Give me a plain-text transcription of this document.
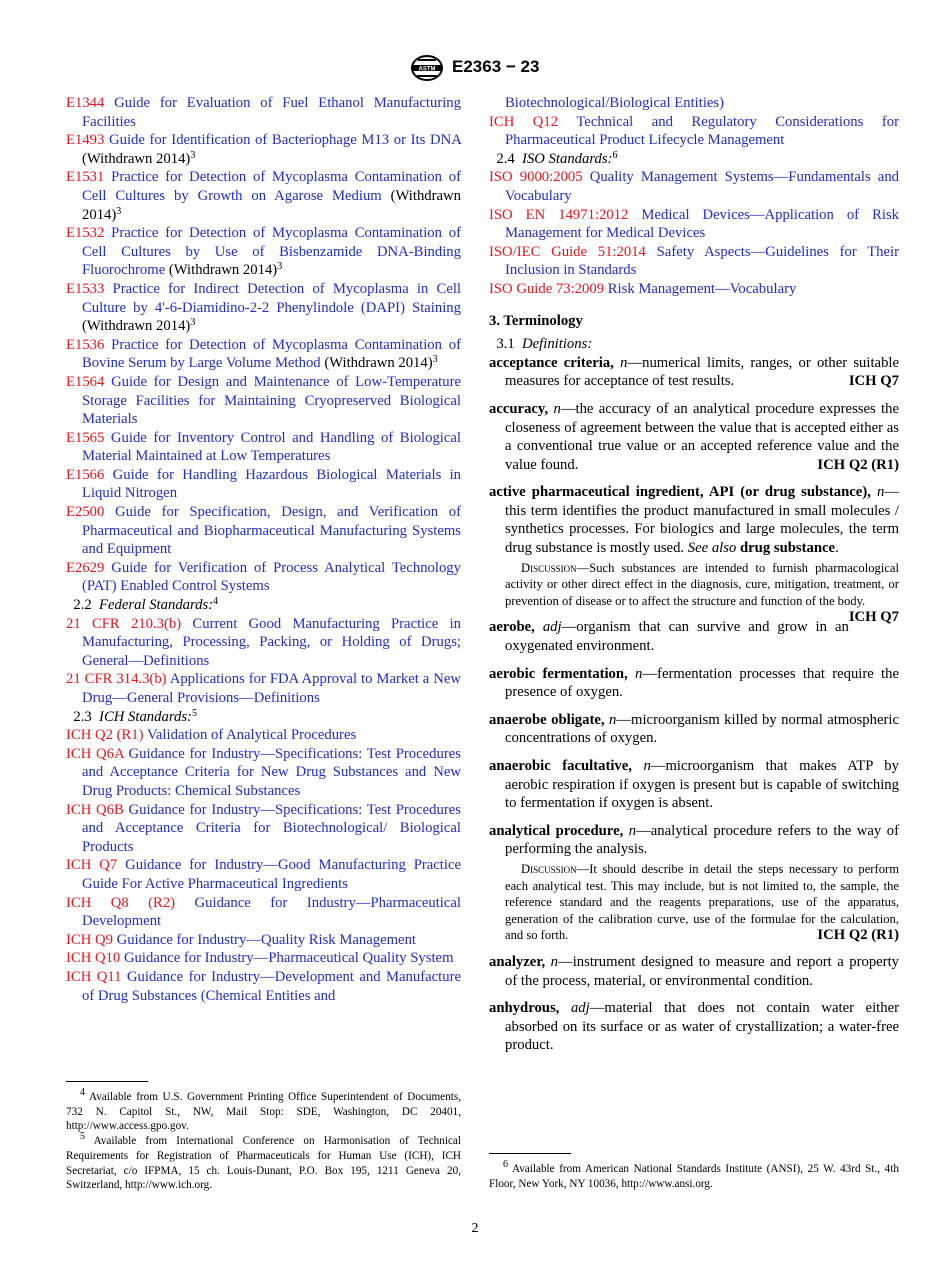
ASTM E2363 − 23

E1344 Guide for Evaluation of Fuel Ethanol Manufacturing Facilities

E1493 Guide for Identification of Bacteriophage M13 or Its DNA (Withdrawn 2014)$^3$

E1531 Practice for Detection of Mycoplasma Contamination of Cell Cultures by Growth on Agarose Medium (Withdrawn 2014)$^3$

E1532 Practice for Detection of Mycoplasma Contamination of Cell Cultures by Use of Bisbenzamide DNA-Binding Fluorochrome (Withdrawn 2014)$^3$

E1533 Practice for Indirect Detection of Mycoplasma in Cell Culture by 4'-6-Diamidino-2-2 Phenylindole (DAPI) Staining (Withdrawn 2014)$^3$

E1536 Practice for Detection of Mycoplasma Contamination of Bovine Serum by Large Volume Method (Withdrawn 2014)$^3$

E1564 Guide for Design and Maintenance of Low-Temperature Storage Facilities for Maintaining Cryopreserved Biological Materials

E1565 Guide for Inventory Control and Handling of Biological Material Maintained at Low Temperatures

E1566 Guide for Handling Hazardous Biological Materials in Liquid Nitrogen

E2500 Guide for Specification, Design, and Verification of Pharmaceutical and Biopharmaceutical Manufacturing Systems and Equipment

E2629 Guide for Verification of Process Analytical Technology (PAT) Enabled Control Systems

2.2 Federal Standards:$^4$

21 CFR 210.3(b) Current Good Manufacturing Practice in Manufacturing, Processing, Packing, or Holding of Drugs; General—Definitions

21 CFR 314.3(b) Applications for FDA Approval to Market a New Drug—General Provisions—Definitions

2.3 ICH Standards:$^5$

ICH Q2 (R1) Validation of Analytical Procedures

ICH Q6A Guidance for Industry—Specifications: Test Procedures and Acceptance Criteria for New Drug Substances and New Drug Products: Chemical Substances

ICH Q6B Guidance for Industry—Specifications: Test Procedures and Acceptance Criteria for Biotechnological/ Biological Products

ICH Q7 Guidance for Industry—Good Manufacturing Practice Guide For Active Pharmaceutical Ingredients

ICH Q8 (R2) Guidance for Industry—Pharmaceutical Development

ICH Q9 Guidance for Industry—Quality Risk Management

ICH Q10 Guidance for Industry—Pharmaceutical Quality System

ICH Q11 Guidance for Industry—Development and Manufacture of Drug Substances (Chemical Entities and

Biotechnological/Biological Entities)

ICH Q12 Technical and Regulatory Considerations for Pharmaceutical Product Lifecycle Management

2.4 ISO Standards:$^6$

ISO 9000:2005 Quality Management Systems—Fundamentals and Vocabulary

ISO EN 14971:2012 Medical Devices—Application of Risk Management for Medical Devices

ISO/IEC Guide 51:2014 Safety Aspects—Guidelines for Their Inclusion in Standards

ISO Guide 73:2009 Risk Management—Vocabulary

3. Terminology

3.1 Definitions:

acceptance criteria, n—numerical limits, ranges, or other suitable measures for acceptance of test results.	ICH Q7

accuracy, n—the accuracy of an analytical procedure expresses the closeness of agreement between the value that is accepted either as a conventional true value or an accepted reference value and the value found.	ICH Q2 (R1)

active pharmaceutical ingredient, API (or drug substance), n—this term identifies the product manufactured in small molecules / synthetics processes. For biologics and large molecules, the term drug substance is mostly used. See also drug substance.

Discussion—Such substances are intended to furnish pharmacological activity or other direct effect in the diagnosis, cure, mitigation, treatment, or prevention of disease or to affect the structure and function of the body.
ICH Q7

aerobe, adj—organism that can survive and grow in an oxygenated environment.

aerobic fermentation, n—fermentation processes that require the presence of oxygen.

anaerobe obligate, n—microorganism killed by normal atmospheric concentrations of oxygen.

anaerobic facultative, n—microorganism that makes ATP by aerobic respiration if oxygen is present but is capable of switching to fermentation if oxygen is absent.

analytical procedure, n—analytical procedure refers to the way of performing the analysis.

Discussion—It should describe in detail the steps necessary to perform each analytical test. This may include, but is not limited to, the sample, the reference standard and the reagents preparations, use of the apparatus, generation of the calibration curve, use of the formulae for the calculation, and so forth.	ICH Q2 (R1)

analyzer, n—instrument designed to measure and report a property of the process, material, or environmental condition.

anhydrous, adj—material that does not contain water either absorbed on its surface or as water of crystallization; a water-free product.

$^4$ Available from U.S. Government Printing Office Superintendent of Documents, 732 N. Capitol St., NW, Mail Stop: SDE, Washington, DC 20401, http://www.access.gpo.gov.

$^5$ Available from International Conference on Harmonisation of Technical Requirements for Registration of Pharmaceuticals for Human Use (ICH), ICH Secretariat, c/o IFPMA, 15 ch. Louis-Dunant, P.O. Box 195, 1211 Geneva 20, Switzerland, http://www.ich.org.

$^6$ Available from American National Standards Institute (ANSI), 25 W. 43rd St., 4th Floor, New York, NY 10036, http://www.ansi.org.

2
